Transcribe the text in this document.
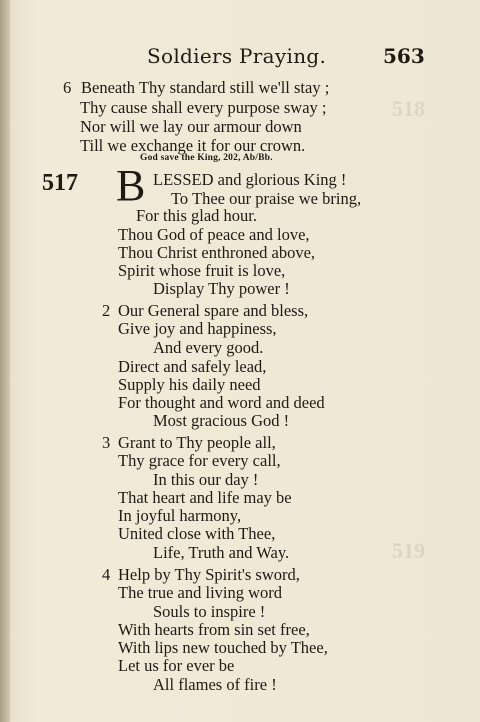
518
519
Soldiers Praying.	563
6 Beneath Thy standard still we'll stay ;
Thy cause shall every purpose sway ;
Nor will we lay our armour down
Till we exchange it for our crown.
God save the King, 202, Ab/Bb.
517 B LESSED and glorious King !
To Thee our praise we bring,
For this glad hour.
Thou God of peace and love,
Thou Christ enthroned above,
Spirit whose fruit is love,
Display Thy power !
2 Our General spare and bless,
Give joy and happiness,
And every good.
Direct and safely lead,
Supply his daily need
For thought and word and deed
Most gracious God !
3 Grant to Thy people all,
Thy grace for every call,
In this our day !
That heart and life may be
In joyful harmony,
United close with Thee,
Life, Truth and Way.
4 Help by Thy Spirit's sword,
The true and living word
Souls to inspire !
With hearts from sin set free,
With lips new touched by Thee,
Let us for ever be
All flames of fire !
